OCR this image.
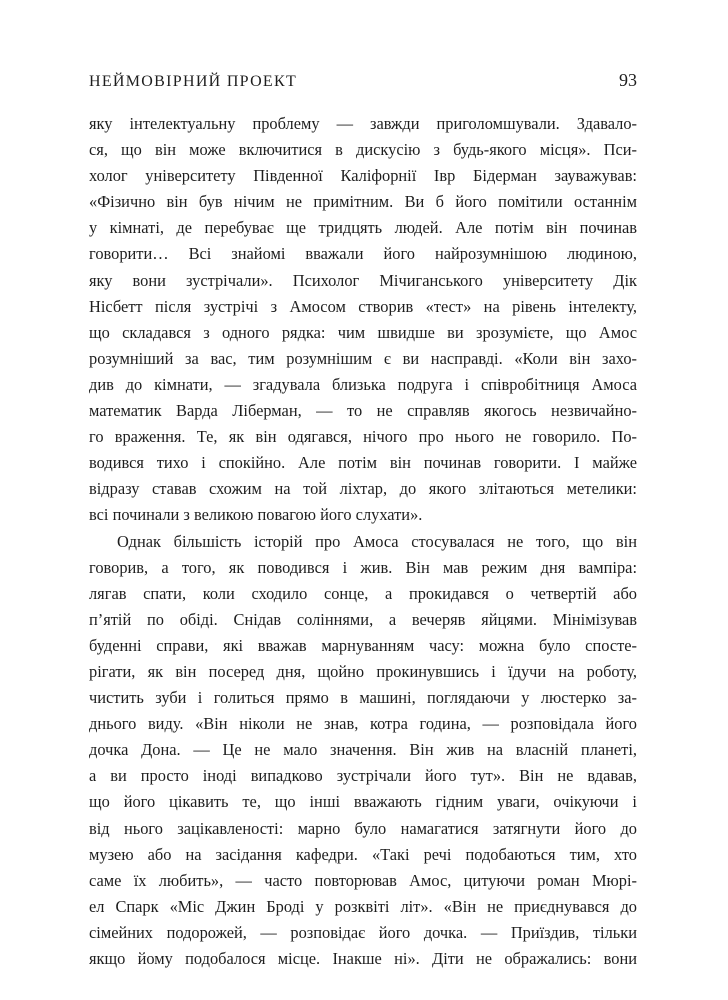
НЕЙМОВІРНИЙ ПРОЕКТ	93
яку інтелектуальну проблему — завжди приголомшували. Здавало-
ся, що він може включитися в дискусію з будь-якого місця». Пси-
холог університету Південної Каліфорнії Івр Бідерман зауважував:
«Фізично він був нічим не примітним. Ви б його помітили останнім
у кімнаті, де перебуває ще тридцять людей. Але потім він починав
говорити… Всі знайомі вважали його найрозумнішою людиною,
яку вони зустрічали». Психолог Мічиганського університету Дік
Нісбетт після зустрічі з Амосом створив «тест» на рівень інтелекту,
що складався з одного рядка: чим швидше ви зрозумієте, що Амос
розумніший за вас, тим розумнішим є ви насправді. «Коли він захо-
див до кімнати, — згадувала близька подруга і співробітниця Амоса
математик Варда Ліберман, — то не справляв якогось незвичайно-
го враження. Те, як він одягався, нічого про нього не говорило. По-
водився тихо і спокійно. Але потім він починав говорити. І майже
відразу ставав схожим на той ліхтар, до якого злітаються метелики:
всі починали з великою повагою його слухати».
Однак більшість історій про Амоса стосувалася не того, що він
говорив, а того, як поводився і жив. Він мав режим дня вампіра:
лягав спати, коли сходило сонце, а прокидався о четвертій або
п’ятій по обіді. Снідав соліннями, а вечеряв яйцями. Мінімізував
буденні справи, які вважав марнуванням часу: можна було спосте-
рігати, як він посеред дня, щойно прокинувшись і їдучи на роботу,
чистить зуби і голиться прямо в машині, поглядаючи у люстерко за-
днього виду. «Він ніколи не знав, котра година, — розповідала його
дочка Дона. — Це не мало значення. Він жив на власній планеті,
а ви просто іноді випадково зустрічали його тут». Він не вдавав,
що його цікавить те, що інші вважають гідним уваги, очікуючи і
від нього зацікавленості: марно було намагатися затягнути його до
музею або на засідання кафедри. «Такі речі подобаються тим, хто
саме їх любить», — часто повторював Амос, цитуючи роман Мюрі-
ел Спарк «Міс Джин Броді у розквіті літ». «Він не приєднувався до
сімейних подорожей, — розповідає його дочка. — Приїздив, тільки
якщо йому подобалося місце. Інакше ні». Діти не ображались: вони
